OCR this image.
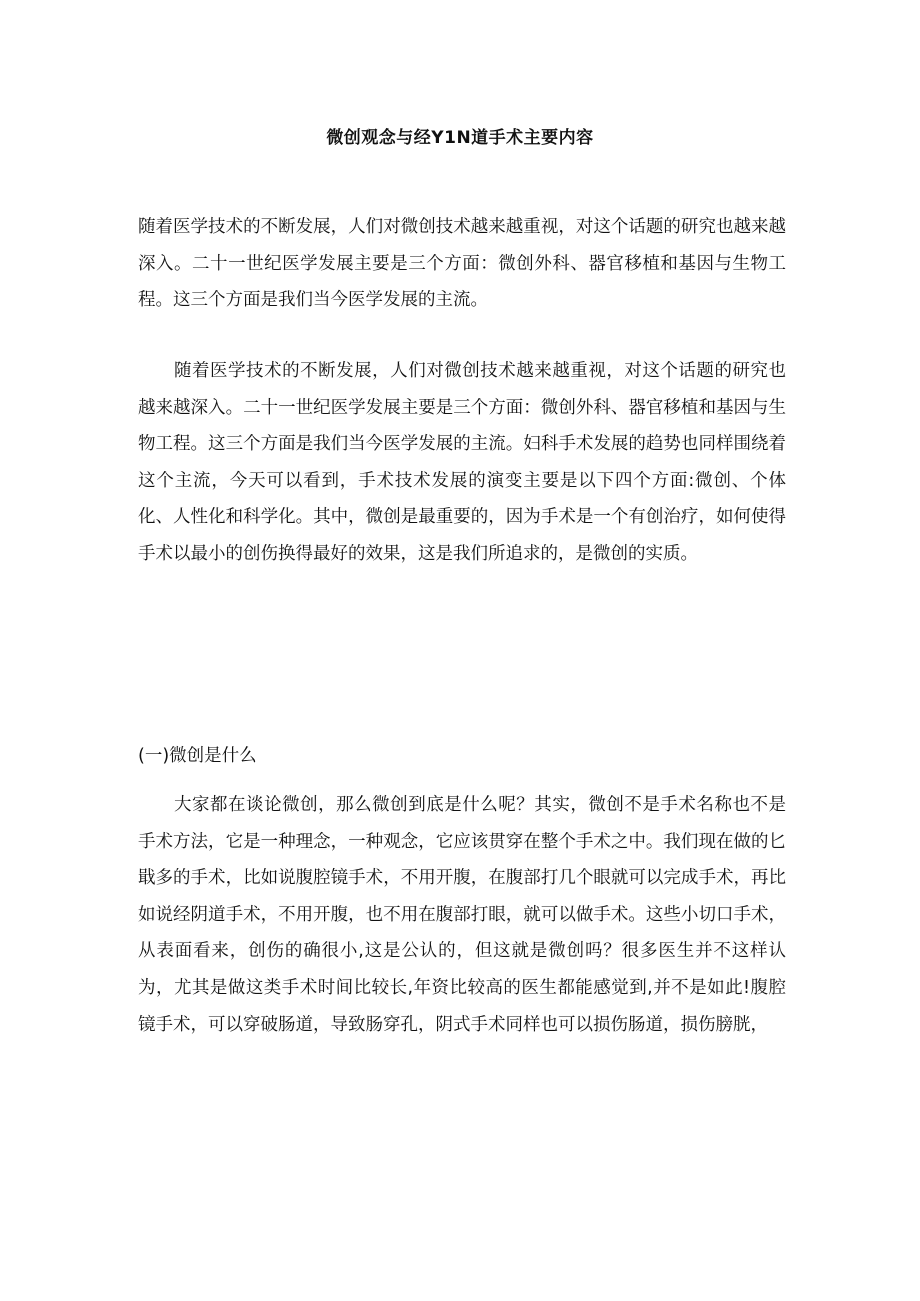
微创观念与经Y1N道手术主要内容

随着医学技术的不断发展，人们对微创技术越来越重视，对这个话题的研究也越来越深入。二十一世纪医学发展主要是三个方面：微创外科、器官移植和基因与生物工程。这三个方面是我们当今医学发展的主流。

随着医学技术的不断发展，人们对微创技术越来越重视，对这个话题的研究也越来越深入。二十一世纪医学发展主要是三个方面：微创外科、器官移植和基因与生物工程。这三个方面是我们当今医学发展的主流。妇科手术发展的趋势也同样围绕着这个主流，今天可以看到，手术技术发展的演变主要是以下四个方面:微创、个体化、人性化和科学化。其中，微创是最重要的，因为手术是一个有创治疗，如何使得手术以最小的创伤换得最好的效果，这是我们所追求的，是微创的实质。

(一)微创是什么

大家都在谈论微创，那么微创到底是什么呢？其实，微创不是手术名称也不是手术方法，它是一种理念，一种观念，它应该贯穿在整个手术之中。我们现在做的匕戢多的手术，比如说腹腔镜手术，不用开腹，在腹部打几个眼就可以完成手术，再比如说经阴道手术，不用开腹，也不用在腹部打眼，就可以做手术。这些小切口手术，从表面看来，创伤的确很小,这是公认的，但这就是微创吗？很多医生并不这样认为，尤其是做这类手术时间比较长,年资比较高的医生都能感觉到,并不是如此!腹腔镜手术，可以穿破肠道，导致肠穿孔，阴式手术同样也可以损伤肠道，损伤膀胱，
